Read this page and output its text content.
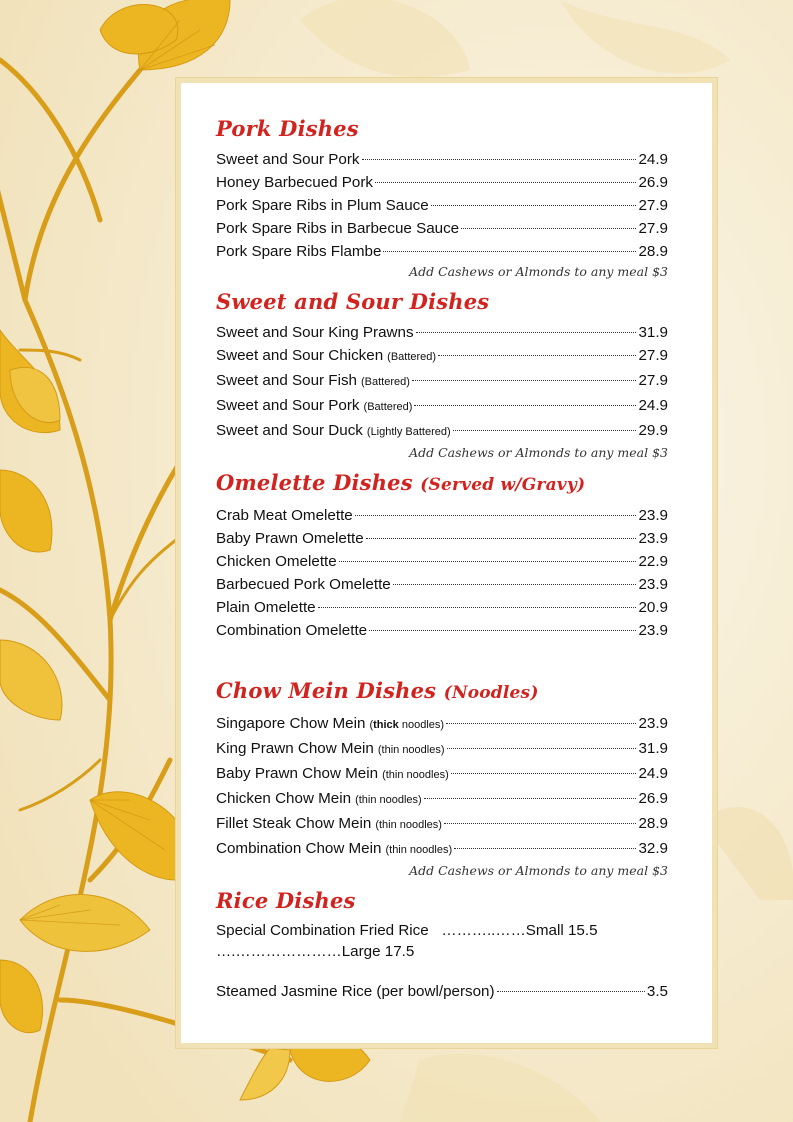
Pork Dishes
Sweet and Sour Pork	24.9
Honey Barbecued Pork	26.9
Pork Spare Ribs in Plum Sauce	27.9
Pork Spare Ribs in Barbecue Sauce	27.9
Pork Spare Ribs Flambe	28.9
Add Cashews or Almonds to any meal $3
Sweet and Sour Dishes
Sweet and Sour King Prawns	31.9
Sweet and Sour Chicken (Battered)	27.9
Sweet and Sour Fish (Battered)	27.9
Sweet and Sour Pork (Battered)	24.9
Sweet and Sour Duck (Lightly Battered)	29.9
Add Cashews or Almonds to any meal $3
Omelette Dishes (Served w/Gravy)
Crab Meat Omelette	23.9
Baby Prawn Omelette	23.9
Chicken Omelette	22.9
Barbecued Pork Omelette	23.9
Plain Omelette	20.9
Combination Omelette	23.9
Chow Mein Dishes (Noodles)
Singapore Chow Mein (thick noodles)	23.9
King Prawn Chow Mein (thin noodles)	31.9
Baby Prawn Chow Mein (thin noodles)	24.9
Chicken Chow Mein (thin noodles)	26.9
Fillet Steak Chow Mein (thin noodles)	28.9
Combination Chow Mein (thin noodles)	32.9
Add Cashews or Almonds to any meal $3
Rice Dishes
Special Combination Fried Rice   ………..……Small 15.5
….…………………Large 17.5
Steamed Jasmine Rice (per bowl/person)	3.5
